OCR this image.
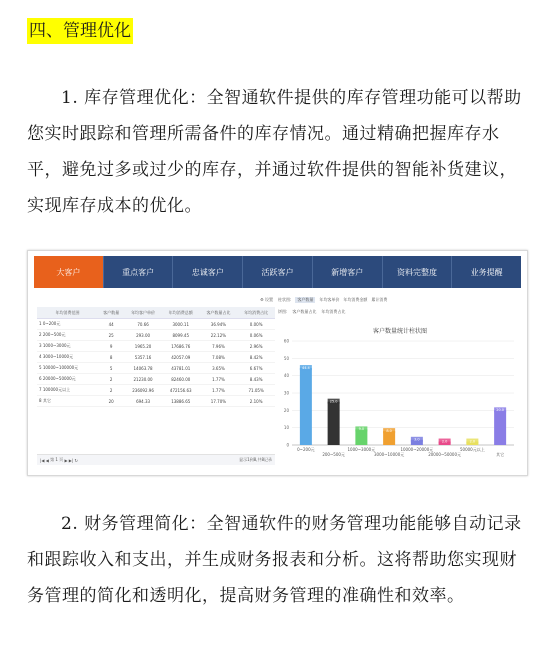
四、管理优化

1. 库存管理优化：全智通软件提供的库存管理功能可以帮助您实时跟踪和管理所需备件的库存情况。通过精确把握库存水平，避免过多或过少的库存，并通过软件提供的智能补货建议，实现库存成本的优化。

大客户	重点客户	忠诚客户	活跃客户	新增客户	资料完整度	业务提醒
⚙ 设置
年均消费范围	客户数量	年均客户单价	年均消费总额	客户数量占比	年均消费占比
1 0~200元	44	70.66	3000.11	36.94%	0.00%
2 200~500元	25	293.00	8099.45	22.12%	0.06%
3 1000~3000元	9	1965.20	17686.76	7.96%	2.96%
4 3000~10000元	8	5357.16	42057.09	7.08%	8.42%
5 10000~100000元	5	14063.78	43781.01	3.65%	6.67%
6 20000~50000元	2	21230.00	82460.00	1.77%	8.43%
7 100000元以上	2	236092.96	472156.63	1.77%	71.05%
8 其它	20	694.33	13886.65	17.70%	2.10%
|◀ ◀
第 1 页
▶ ▶| ↻	显示1到8,共8记录
柱状图:	客户数量	年均客单价 年均消费金额 累计消费
饼图: 客户数量占比 年均消费占比
客户数量统计柱状图
0
10
20
30
40
50
60
44.4
0~200元
25.0
200~500元
9.0
1000~3000元
8.0
3000~10000元
3.0
10000~20000元
2.0
20000~50000元
2.0
50000元以上
20.0
其它

2. 财务管理简化：全智通软件的财务管理功能能够自动记录和跟踪收入和支出，并生成财务报表和分析。这将帮助您实现财务管理的简化和透明化，提高财务管理的准确性和效率。
